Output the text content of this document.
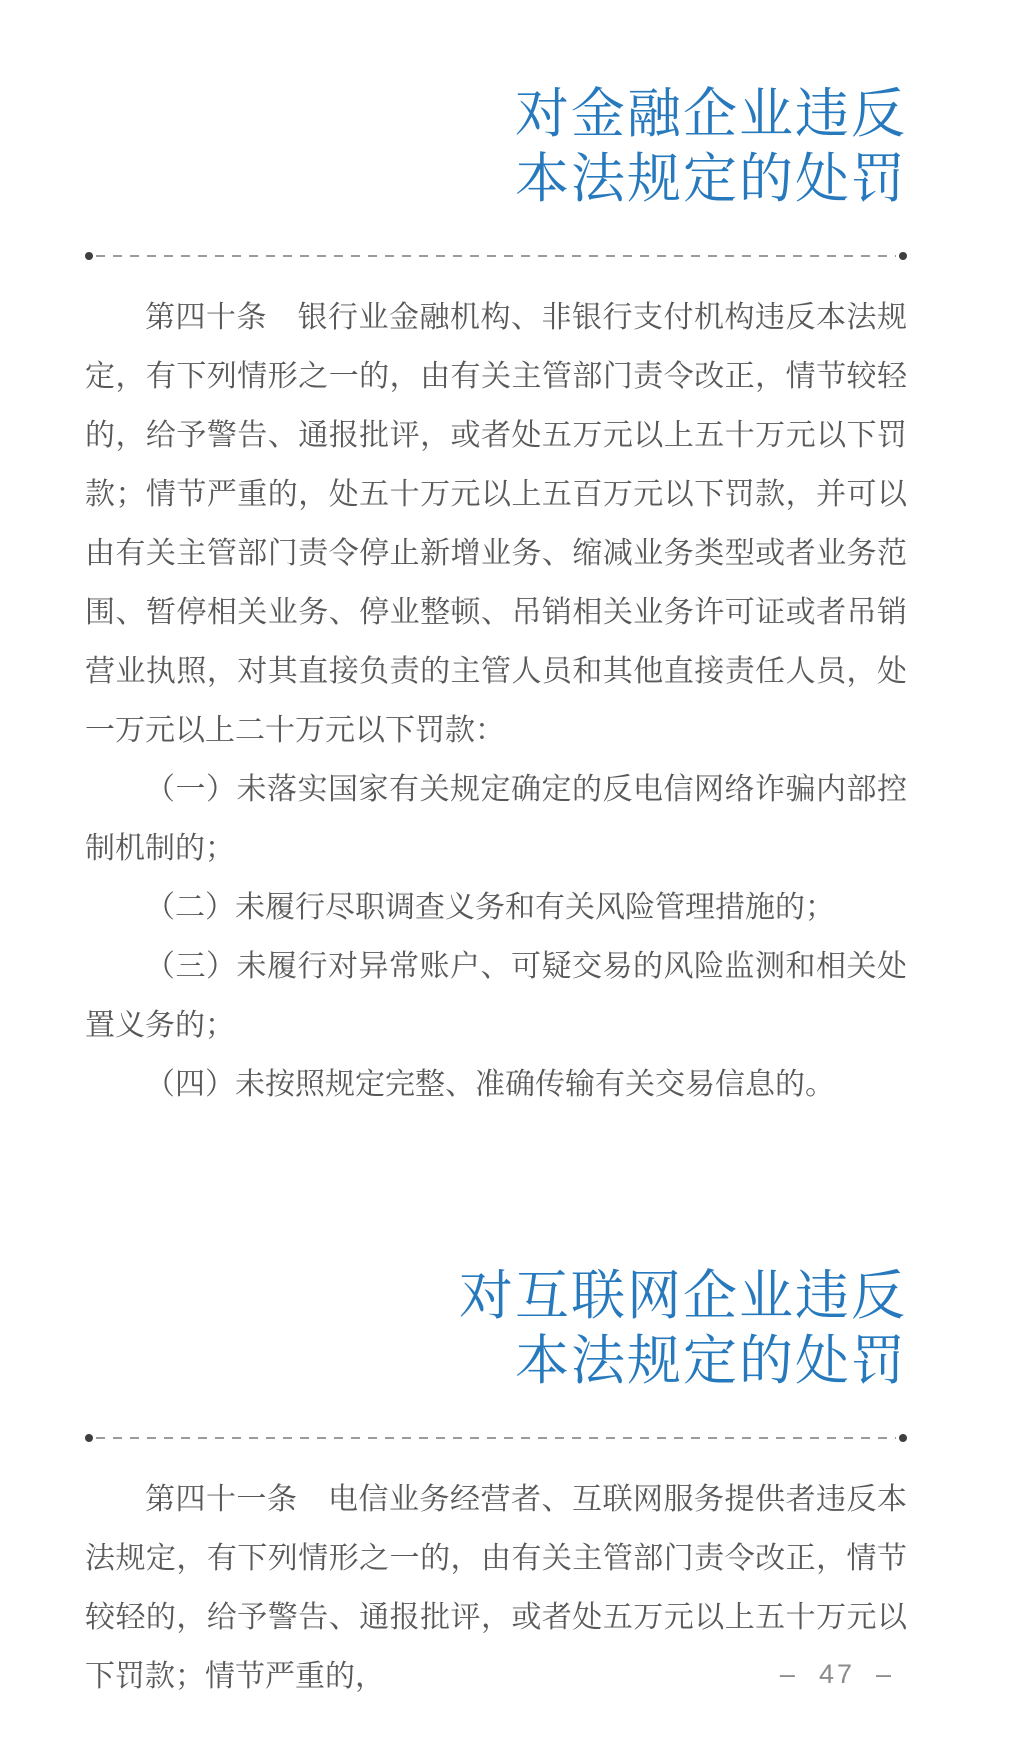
对金融企业违反
本法规定的处罚

第四十条　银行业金融机构、非银行支付机构违反本法规定，有下列情形之一的，由有关主管部门责令改正，情节较轻的，给予警告、通报批评，或者处五万元以上五十万元以下罚款；情节严重的，处五十万元以上五百万元以下罚款，并可以由有关主管部门责令停止新增业务、缩减业务类型或者业务范围、暂停相关业务、停业整顿、吊销相关业务许可证或者吊销营业执照，对其直接负责的主管人员和其他直接责任人员，处一万元以上二十万元以下罚款：

（一）未落实国家有关规定确定的反电信网络诈骗内部控制机制的；

（二）未履行尽职调查义务和有关风险管理措施的；

（三）未履行对异常账户、可疑交易的风险监测和相关处置义务的；

（四）未按照规定完整、准确传输有关交易信息的。

对互联网企业违反
本法规定的处罚

第四十一条　电信业务经营者、互联网服务提供者违反本法规定，有下列情形之一的，由有关主管部门责令改正，情节较轻的，给予警告、通报批评，或者处五万元以上五十万元以下罚款；情节严重的，	–  47  –
